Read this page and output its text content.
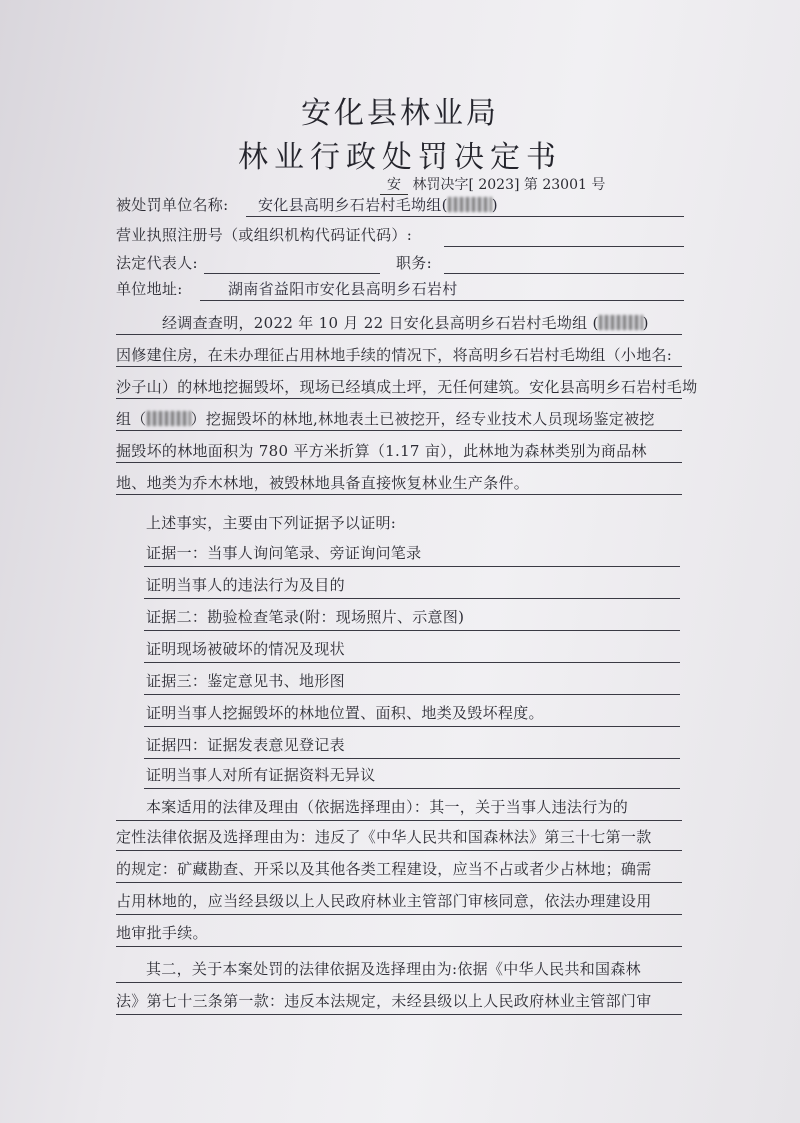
安化县林业局
林业行政处罚决定书
安 林罚决字[ 2023] 第 23001 号
被处罚单位名称: 安化县高明乡石岩村毛坳组(	)
营业执照注册号（或组织机构代码证代码）:
法定代表人:	职务:
单位地址:	湖南省益阳市安化县高明乡石岩村
经调查查明，2022 年 10 月 22 日安化县高明乡石岩村毛坳组 (	)
因修建住房，在未办理征占用林地手续的情况下，将高明乡石岩村毛坳组（小地名:
沙子山）的林地挖掘毁坏，现场已经填成土坪，无任何建筑。安化县高明乡石岩村毛坳
组（	）挖掘毁坏的林地,林地表土已被挖开，经专业技术人员现场鉴定被挖
掘毁坏的林地面积为 780 平方米折算（1.17 亩），此林地为森林类别为商品林
地、地类为乔木林地，被毁林地具备直接恢复林业生产条件。
上述事实，主要由下列证据予以证明:
证据一：当事人询问笔录、旁证询问笔录
证明当事人的违法行为及目的
证据二：勘验检查笔录(附：现场照片、示意图)
证明现场被破坏的情况及现状
证据三：鉴定意见书、地形图
证明当事人挖掘毁坏的林地位置、面积、地类及毁坏程度。
证据四：证据发表意见登记表
证明当事人对所有证据资料无异议
本案适用的法律及理由（依据选择理由）：其一，关于当事人违法行为的
定性法律依据及选择理由为：违反了《中华人民共和国森林法》第三十七第一款
的规定：矿藏勘查、开采以及其他各类工程建设，应当不占或者少占林地；确需
占用林地的，应当经县级以上人民政府林业主管部门审核同意，依法办理建设用
地审批手续。
其二，关于本案处罚的法律依据及选择理由为:依据《中华人民共和国森林
法》第七十三条第一款：违反本法规定，未经县级以上人民政府林业主管部门审
